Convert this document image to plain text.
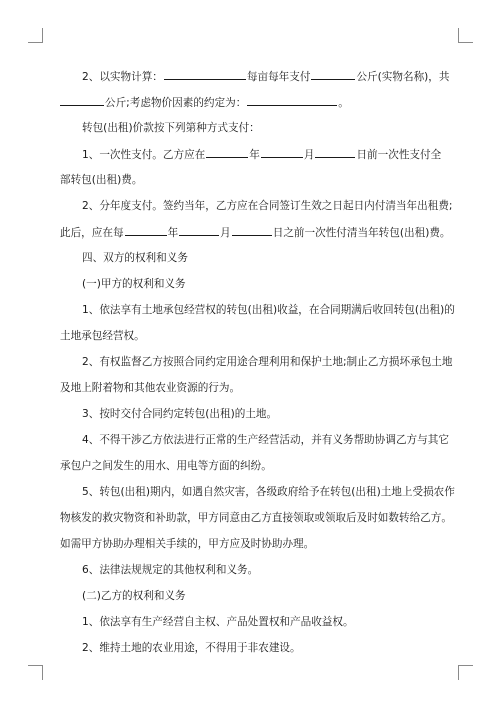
2、以实物计算：	每亩每年支付	公斤(实物名称)，共
公斤;考虑物价因素的约定为：	。
转包(出租)价款按下列第种方式支付：
1、一次性支付。乙方应在	年	月	日前一次性支付全
部转包(出租)费。
2、分年度支付。签约当年，乙方应在合同签订生效之日起日内付清当年出租费;
此后，应在每	年	月	日之前一次性付清当年转包(出租)费。
四、双方的权利和义务
(一)甲方的权利和义务
1、依法享有土地承包经营权的转包(出租)收益，在合同期满后收回转包(出租)的
土地承包经营权。
2、有权监督乙方按照合同约定用途合理利用和保护土地;制止乙方损坏承包土地
及地上附着物和其他农业资源的行为。
3、按时交付合同约定转包(出租)的土地。
4、不得干涉乙方依法进行正常的生产经营活动，并有义务帮助协调乙方与其它
承包户之间发生的用水、用电等方面的纠纷。
5、转包(出租)期内，如遇自然灾害，各级政府给予在转包(出租)土地上受损农作
物核发的救灾物资和补助款，甲方同意由乙方直接领取或领取后及时如数转给乙方。
如需甲方协助办理相关手续的，甲方应及时协助办理。
6、法律法规规定的其他权利和义务。
(二)乙方的权利和义务
1、依法享有生产经营自主权、产品处置权和产品收益权。
2、维持土地的农业用途，不得用于非农建设。
